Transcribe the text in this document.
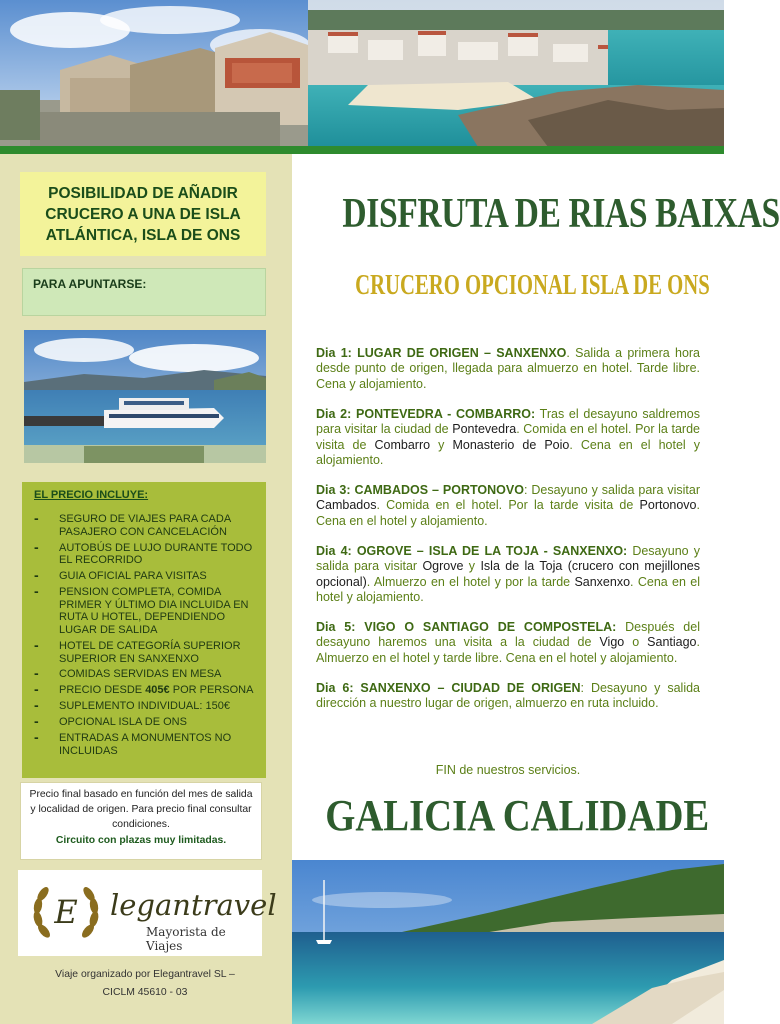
POSIBILIDAD DE AÑADIR
CRUCERO A UNA DE ISLA
ATLÁNTICA, ISLA DE ONS
PARA APUNTARSE:
EL PRECIO INCLUYE:
- SEGURO DE VIAJES PARA CADA PASAJERO CON CANCELACIÓN
- AUTOBÚS DE LUJO DURANTE TODO EL RECORRIDO
- GUIA OFICIAL PARA VISITAS
- PENSION COMPLETA, COMIDA PRIMER Y ÚLTIMO DIA INCLUIDA EN RUTA U HOTEL, DEPENDIENDO LUGAR DE SALIDA
- HOTEL DE CATEGORÍA SUPERIOR SUPERIOR EN SANXENXO
- COMIDAS SERVIDAS EN MESA
- PRECIO DESDE 405€ POR PERSONA
- SUPLEMENTO INDIVIDUAL: 150€
- OPCIONAL ISLA DE ONS
- ENTRADAS A MONUMENTOS NO INCLUIDAS
Precio final basado en función del mes de salida y localidad de origen. Para precio final consultar condiciones.
Circuito con plazas muy limitadas.
E legantravel
Mayorista de Viajes
Viaje organizado por Elegantravel SL –
CICLM 45610 - 03
DISFRUTA DE RIAS BAIXAS
CRUCERO OPCIONAL ISLA DE ONS

Dia 1: LUGAR DE ORIGEN – SANXENXO. Salida a primera hora desde punto de origen, llegada para almuerzo en hotel. Tarde libre. Cena y alojamiento.

Dia 2: PONTEVEDRA - COMBARRO: Tras el desayuno saldremos para visitar la ciudad de Pontevedra. Comida en el hotel. Por la tarde visita de Combarro y Monasterio de Poio. Cena en el hotel y alojamiento.

Dia 3: CAMBADOS – PORTONOVO: Desayuno y salida para visitar Cambados. Comida en el hotel. Por la tarde visita de Portonovo. Cena en el hotel y alojamiento.

Dia 4: OGROVE – ISLA DE LA TOJA - SANXENXO: Desayuno y salida para visitar Ogrove y Isla de la Toja (crucero con mejillones opcional). Almuerzo en el hotel y por la tarde Sanxenxo. Cena en el hotel y alojamiento.

Dia 5: VIGO O SANTIAGO DE COMPOSTELA: Después del desayuno haremos una visita a la ciudad de Vigo o Santiago. Almuerzo en el hotel y tarde libre. Cena en el hotel y alojamiento.

Dia 6: SANXENXO – CIUDAD DE ORIGEN: Desayuno y salida dirección a nuestro lugar de origen, almuerzo en ruta incluido.

FIN de nuestros servicios.
GALICIA CALIDADE
